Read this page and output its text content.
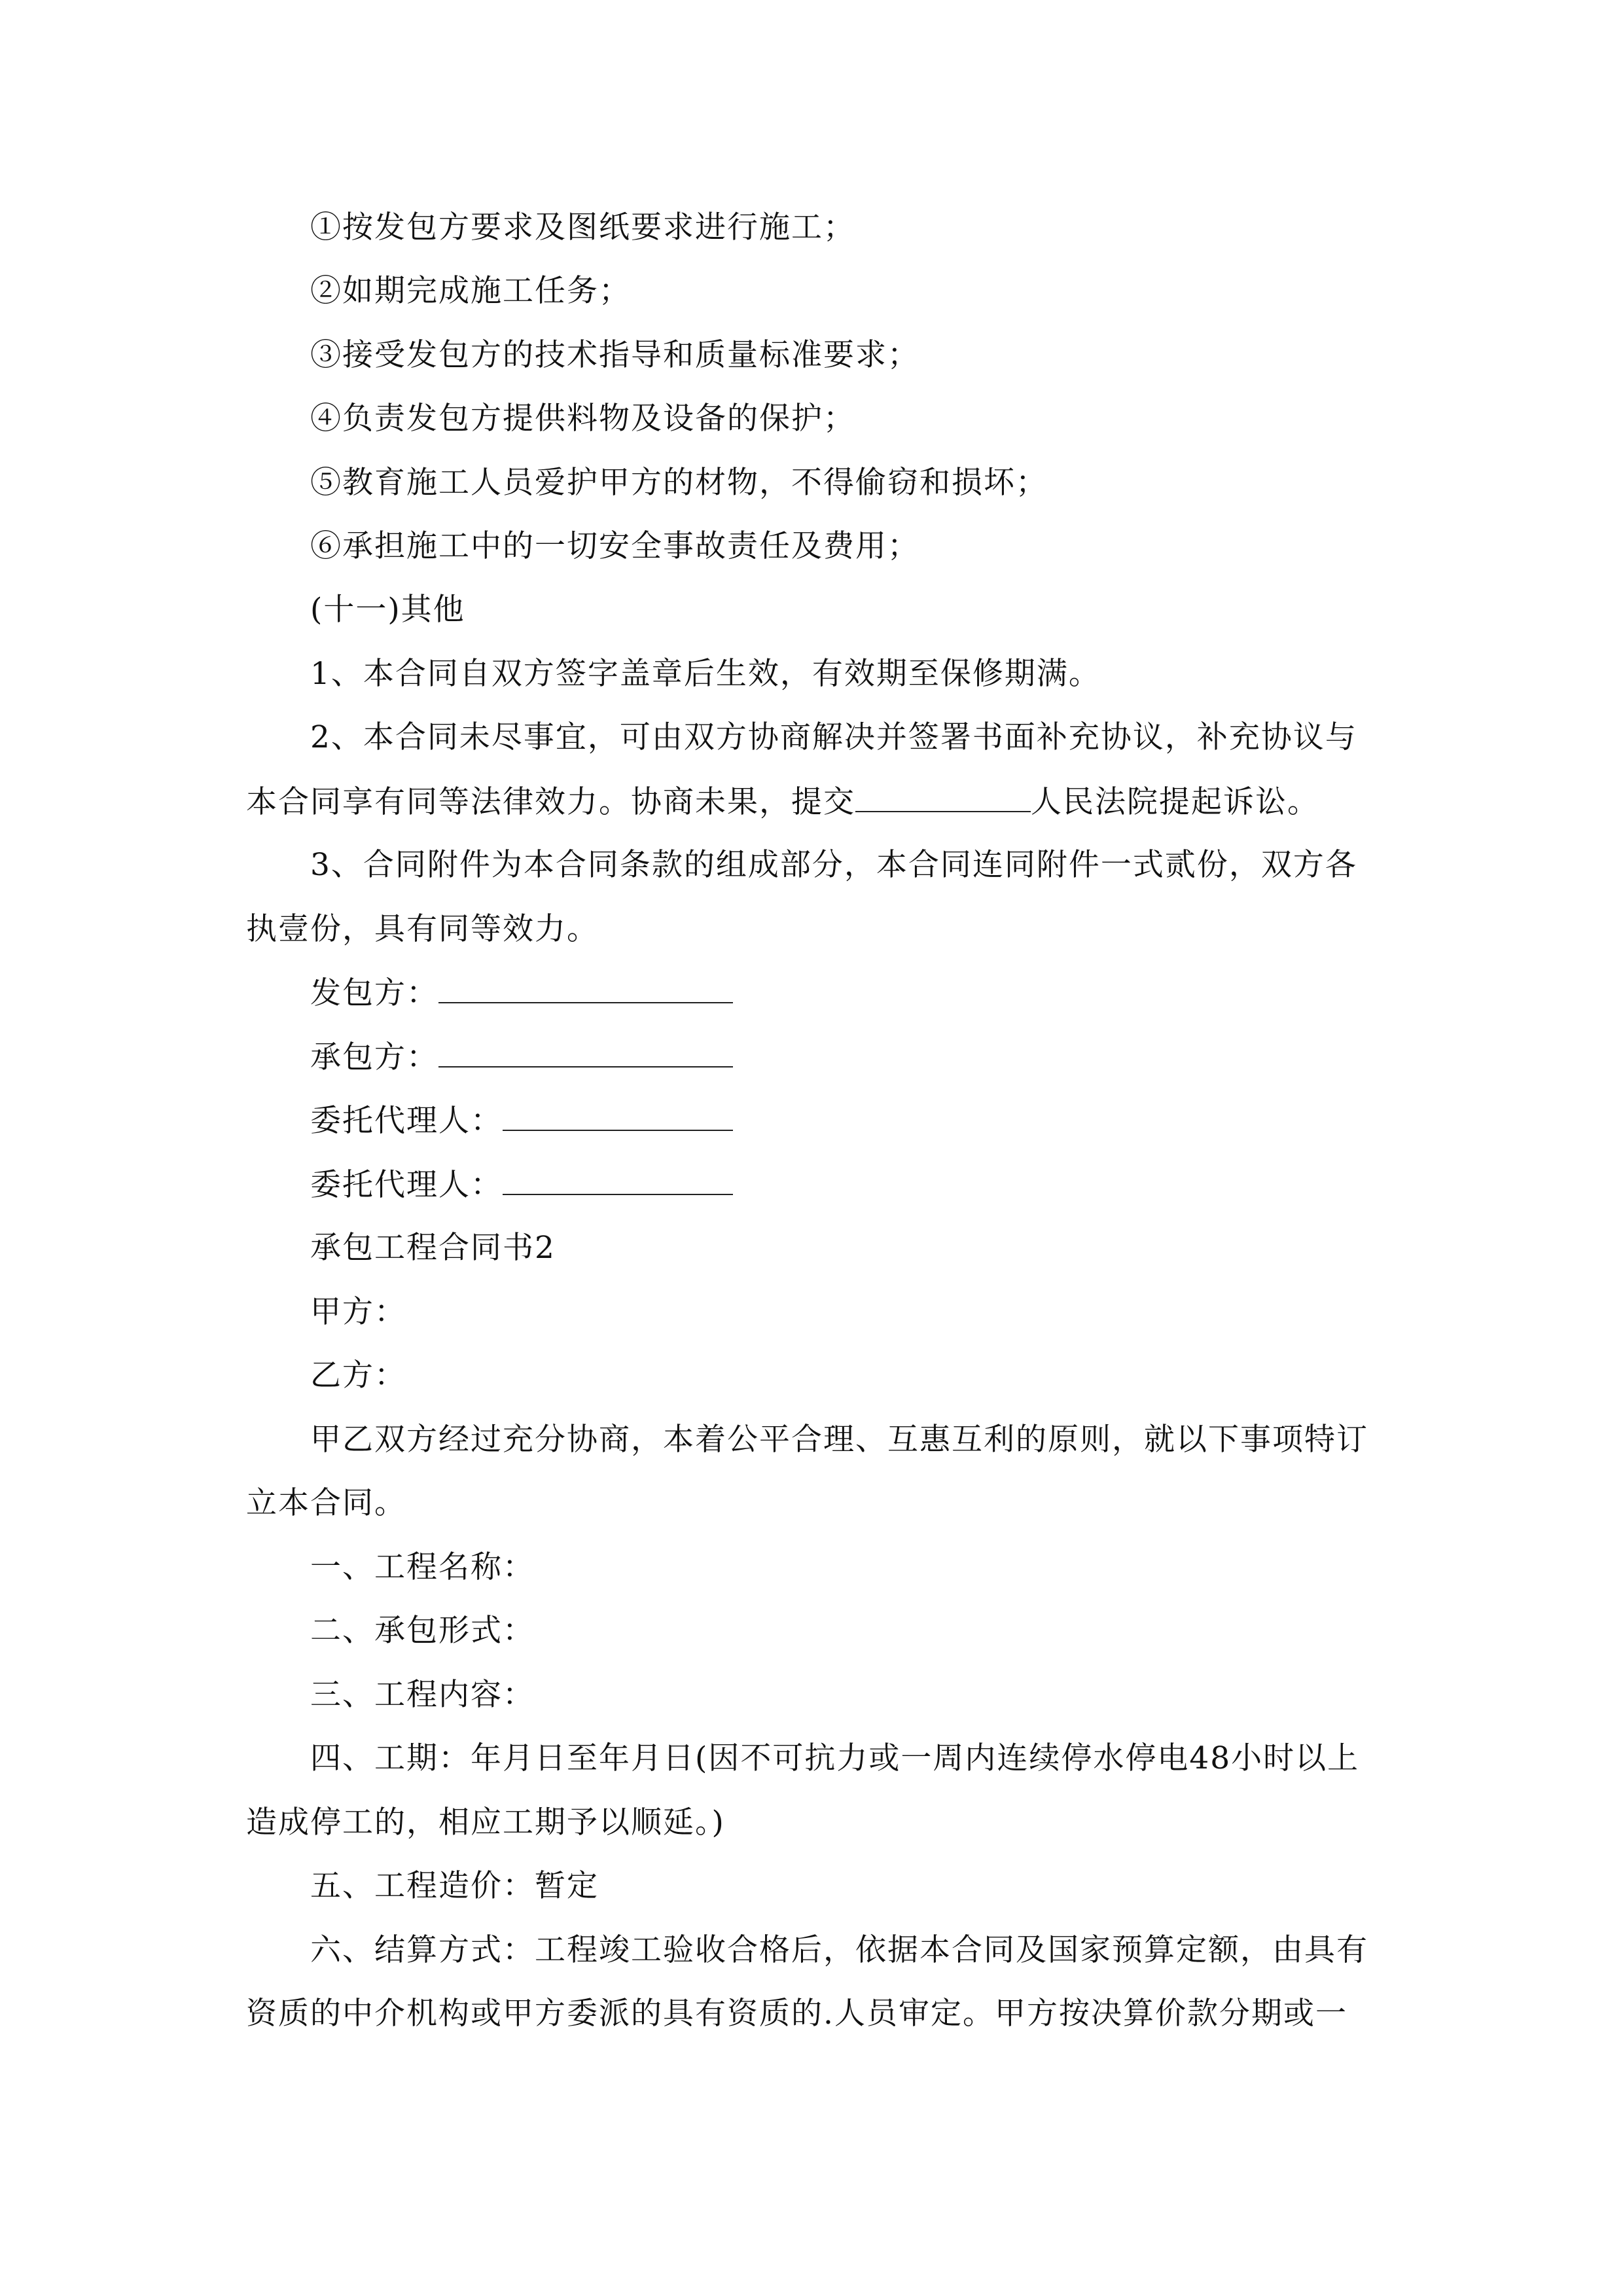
①按发包方要求及图纸要求进行施工；
②如期完成施工任务；
③接受发包方的技术指导和质量标准要求；
④负责发包方提供料物及设备的保护；
⑤教育施工人员爱护甲方的材物，不得偷窃和损坏；
⑥承担施工中的一切安全事故责任及费用；
(十一)其他
1、本合同自双方签字盖章后生效，有效期至保修期满。
2、本合同未尽事宜，可由双方协商解决并签署书面补充协议，补充协议与
本合同享有同等法律效力。协商未果，提交	人民法院提起诉讼。
3、合同附件为本合同条款的组成部分，本合同连同附件一式贰份，双方各
执壹份，具有同等效力。
发包方：
承包方：
委托代理人：
委托代理人：
承包工程合同书2
甲方：
乙方：
甲乙双方经过充分协商，本着公平合理、互惠互利的原则，就以下事项特订
立本合同。
一、工程名称：
二、承包形式：
三、工程内容：
四、工期：年月日至年月日(因不可抗力或一周内连续停水停电48小时以上
造成停工的，相应工期予以顺延。)
五、工程造价：暂定
六、结算方式：工程竣工验收合格后，依据本合同及国家预算定额，由具有
资质的中介机构或甲方委派的具有资质的.人员审定。甲方按决算价款分期或一
